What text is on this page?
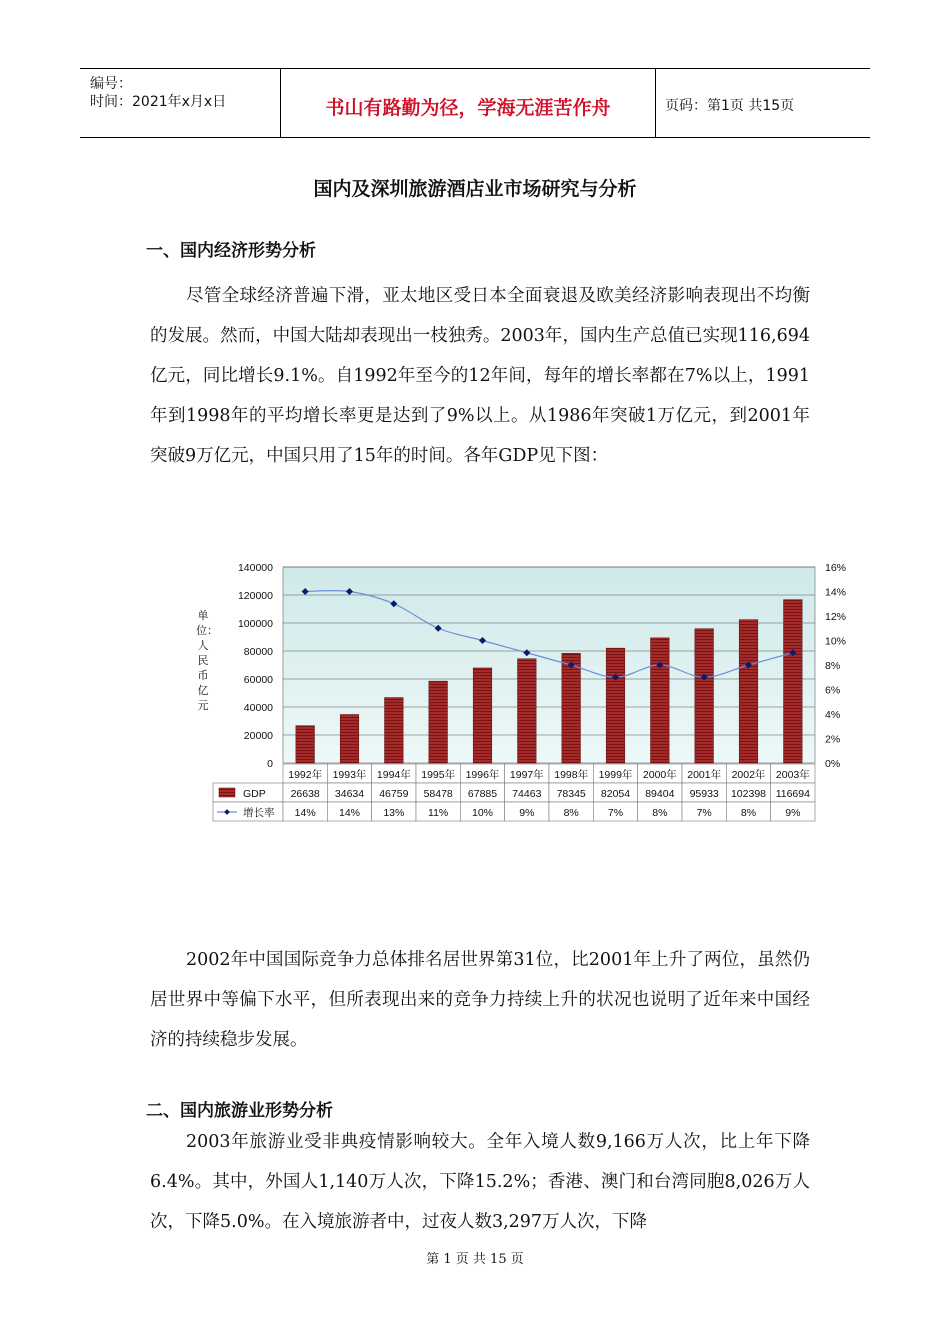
编号：
时间：2021年x月x日	书山有路勤为径，学海无涯苦作舟	页码：第1页 共15页
国内及深圳旅游酒店业市场研究与分析
一、国内经济形势分析
尽管全球经济普遍下滑，亚太地区受日本全面衰退及欧美经济影响表现出不均衡的发展。然而，中国大陆却表现出一枝独秀。2003年，国内生产总值已实现116,694亿元，同比增长9.1%。自1992年至今的12年间，每年的增长率都在7%以上，1991年到1998年的平均增长率更是达到了9%以上。从1986年突破1万亿元，到2001年突破9万亿元，中国只用了15年的时间。各年GDP见下图：
单位：人民币亿元
0
20000
40000
60000
80000
100000
120000
140000
0%
2%
4%
6%
8%
10%
12%
14%
16%
1992年 1993年 1994年 1995年 1996年 1997年 1998年 1999年 2000年 2001年 2002年 2003年
GDP 26638 34634 46759 58478 67885 74463 78345 82054 89404 95933 102398 116694
增长率 14% 14% 13% 11% 10% 9%	8%	7%	8%	7%	8%	9%
2002年中国国际竞争力总体排名居世界第31位，比2001年上升了两位，虽然仍居世界中等偏下水平，但所表现出来的竞争力持续上升的状况也说明了近年来中国经济的持续稳步发展。
二、国内旅游业形势分析
2003年旅游业受非典疫情影响较大。全年入境人数9,166万人次，比上年下降6.4%。其中，外国人1,140万人次，下降15.2%；香港、澳门和台湾同胞8,026万人次，下降5.0%。在入境旅游者中，过夜人数3,297万人次，下降
第 1 页 共 15 页
